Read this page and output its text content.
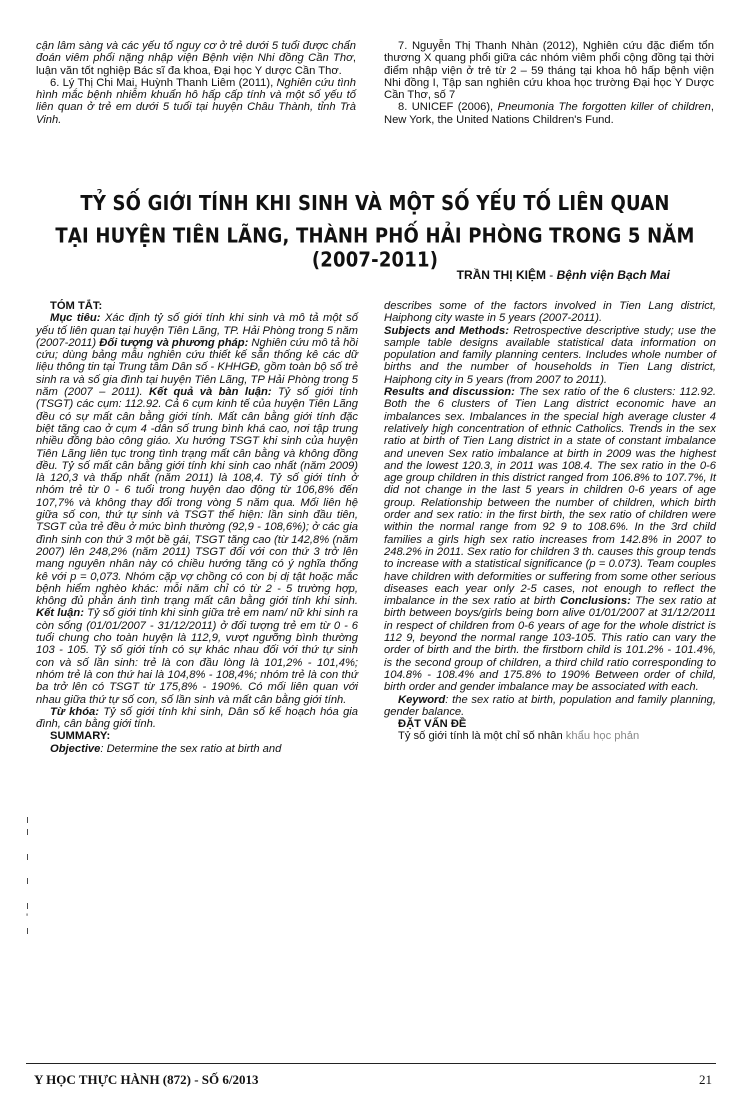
cận lâm sàng và các yếu tố nguy cơ ở trẻ dưới 5 tuổi được chẩn đoán viêm phổi nặng nhập viện Bệnh viện Nhi đồng Cần Thơ, luận văn tốt nghiệp Bác sĩ đa khoa, Đại học Y dược Cần Thơ.

6. Lý Thị Chi Mai, Huỳnh Thanh Liêm (2011), Nghiên cứu tình hình mắc bệnh nhiễm khuẩn hô hấp cấp tính và một số yếu tố liên quan ở trẻ em dưới 5 tuổi tại huyện Châu Thành, tỉnh Trà Vinh.

7. Nguyễn Thị Thanh Nhàn (2012), Nghiên cứu đặc điểm tổn thương X quang phổi giữa các nhóm viêm phổi cộng đồng tại thời điểm nhập viện ở trẻ từ 2 – 59 tháng tại khoa hô hấp bệnh viện Nhi đồng I, Tập san nghiên cứu khoa học trường Đại học Y Dược Cần Thơ, số 7

8. UNICEF (2006), Pneumonia The forgotten killer of children, New York, the United Nations Children's Fund.

TỶ SỐ GIỚI TÍNH KHI SINH VÀ MỘT SỐ YẾU TỐ LIÊN QUAN
TẠI HUYỆN TIÊN LÃNG, THÀNH PHỐ HẢI PHÒNG TRONG 5 NĂM (2007-2011)
TRẦN THỊ KIỆM - Bệnh viện Bạch Mai

TÓM TẮT:

Mục tiêu: Xác định tỷ số giới tính khi sinh và mô tả một số yếu tố liên quan tại huyện Tiên Lãng, TP. Hải Phòng trong 5 năm (2007-2011) Đối tượng và phương pháp: Nghiên cứu mô tả hồi cứu; dùng bảng mẫu nghiên cứu thiết kế sẵn thống kê các dữ liệu thông tin tại Trung tâm Dân số - KHHGĐ, gồm toàn bộ số trẻ sinh ra và số gia đình tại huyện Tiên Lãng, TP Hải Phòng trong 5 năm (2007 – 2011). Kết quả và bàn luận: Tỷ số giới tính (TSGT) các cụm: 112.92. Cả 6 cụm kinh tế của huyện Tiên Lãng đều có sự mất cân bằng giới tính. Mất cân bằng giới tính đặc biệt tăng cao ở cụm 4 -dân số trung bình khá cao, nơi tập trung nhiều đồng bào công giáo. Xu hướng TSGT khi sinh của huyện Tiên Lãng liên tục trong tình trạng mất cân bằng và không đồng đều. Tỷ số mất cân bằng giới tính khi sinh cao nhất (năm 2009) là 120,3 và thấp nhất (năm 2011) là 108,4. Tỷ số giới tính ở nhóm trẻ từ 0 - 6 tuổi trong huyện dao động từ 106,8% đến 107,7% và không thay đổi trong vòng 5 năm qua. Mối liên hệ giữa số con, thứ tự sinh và TSGT thể hiện: lần sinh đầu tiên, TSGT của trẻ đều ở mức bình thường (92,9 - 108,6%); ở các gia đình sinh con thứ 3 một bề gái, TSGT tăng cao (từ 142,8% (năm 2007) lên 248,2% (năm 2011) TSGT đối với con thứ 3 trở lên mang nguyên nhân này có chiều hướng tăng có ý nghĩa thống kê với p = 0,073. Nhóm cặp vợ chồng có con bị dị tật hoặc mắc bệnh hiểm nghèo khác: mỗi năm chỉ có từ 2 - 5 trường hợp, không đủ phản ánh tình trạng mất cân bằng giới tính khi sinh. Kết luận: Tỷ số giới tính khi sinh giữa trẻ em nam/ nữ khi sinh ra còn sống (01/01/2007 - 31/12/2011) ở đối tượng trẻ em từ 0 - 6 tuổi chung cho toàn huyện là 112,9, vượt ngưỡng bình thường 103 - 105. Tỷ số giới tính có sự khác nhau đối với thứ tự sinh con và số lần sinh: trẻ là con đầu lòng là 101,2% - 101,4%; nhóm trẻ là con thứ hai là 104,8% - 108,4%; nhóm trẻ là con thứ ba trở lên có TSGT từ 175,8% - 190%. Có mối liên quan với nhau giữa thứ tự số con, số lần sinh và mất cân bằng giới tính.

Từ khóa: Tỷ số giới tính khi sinh, Dân số kế hoạch hóa gia đình, cân bằng giới tính.

SUMMARY:

Objective: Determine the sex ratio at birth and

describes some of the factors involved in Tien Lang district, Haiphong city waste in 5 years (2007-2011).

Subjects and Methods: Retrospective descriptive study; use the sample table designs available statistical data information on population and family planning centers. Includes whole number of births and the number of households in Tien Lang district, Haiphong city in 5 years (from 2007 to 2011).

Results and discussion: The sex ratio of the 6 clusters: 112.92. Both the 6 clusters of Tien Lang district economic have an imbalances sex. Imbalances in the special high average cluster 4 relatively high concentration of ethnic Catholics. Trends in the sex ratio at birth of Tien Lang district in a state of constant imbalance and uneven Sex ratio imbalance at birth in 2009 was the highest and the lowest 120.3, in 2011 was 108.4. The sex ratio in the 0-6 age group children in this district ranged from 106.8% to 107.7%, It did not change in the last 5 years in children 0-6 years of age group. Relationship between the number of children, which birth order and sex ratio: in the first birth, the sex ratio of children were within the normal range from 92 9 to 108.6%. In the 3rd child families a girls high sex ratio increases from 142.8% in 2007 to 248.2% in 2011. Sex ratio for children 3 th. causes this group tends to increase with a statistical significance (p = 0.073). Team couples have children with deformities or suffering from some other serious diseases each year only 2-5 cases, not enough to reflect the imbalance in the sex ratio at birth Conclusions: The sex ratio at birth between boys/girls being born alive 01/01/2007 at 31/12/2011 in respect of children from 0-6 years of age for the whole district is 112 9, beyond the normal range 103-105. This ratio can vary the order of birth and the birth. the firstborn child is 101.2% - 101.4%, is the second group of children, a third child ratio corresponding to 104.8% - 108.4% and 175.8% to 190% Between order of child, birth order and gender imbalance may be associated with each.

Keyword: the sex ratio at birth, population and family planning, gender balance.

ĐẶT VẤN ĐỀ

Tỷ số giới tính là một chỉ số nhân khẩu học phản

ı
ı

ı

ı

ı
'
ı
Y HỌC THỰC HÀNH (872) - SỐ 6/2013	21
